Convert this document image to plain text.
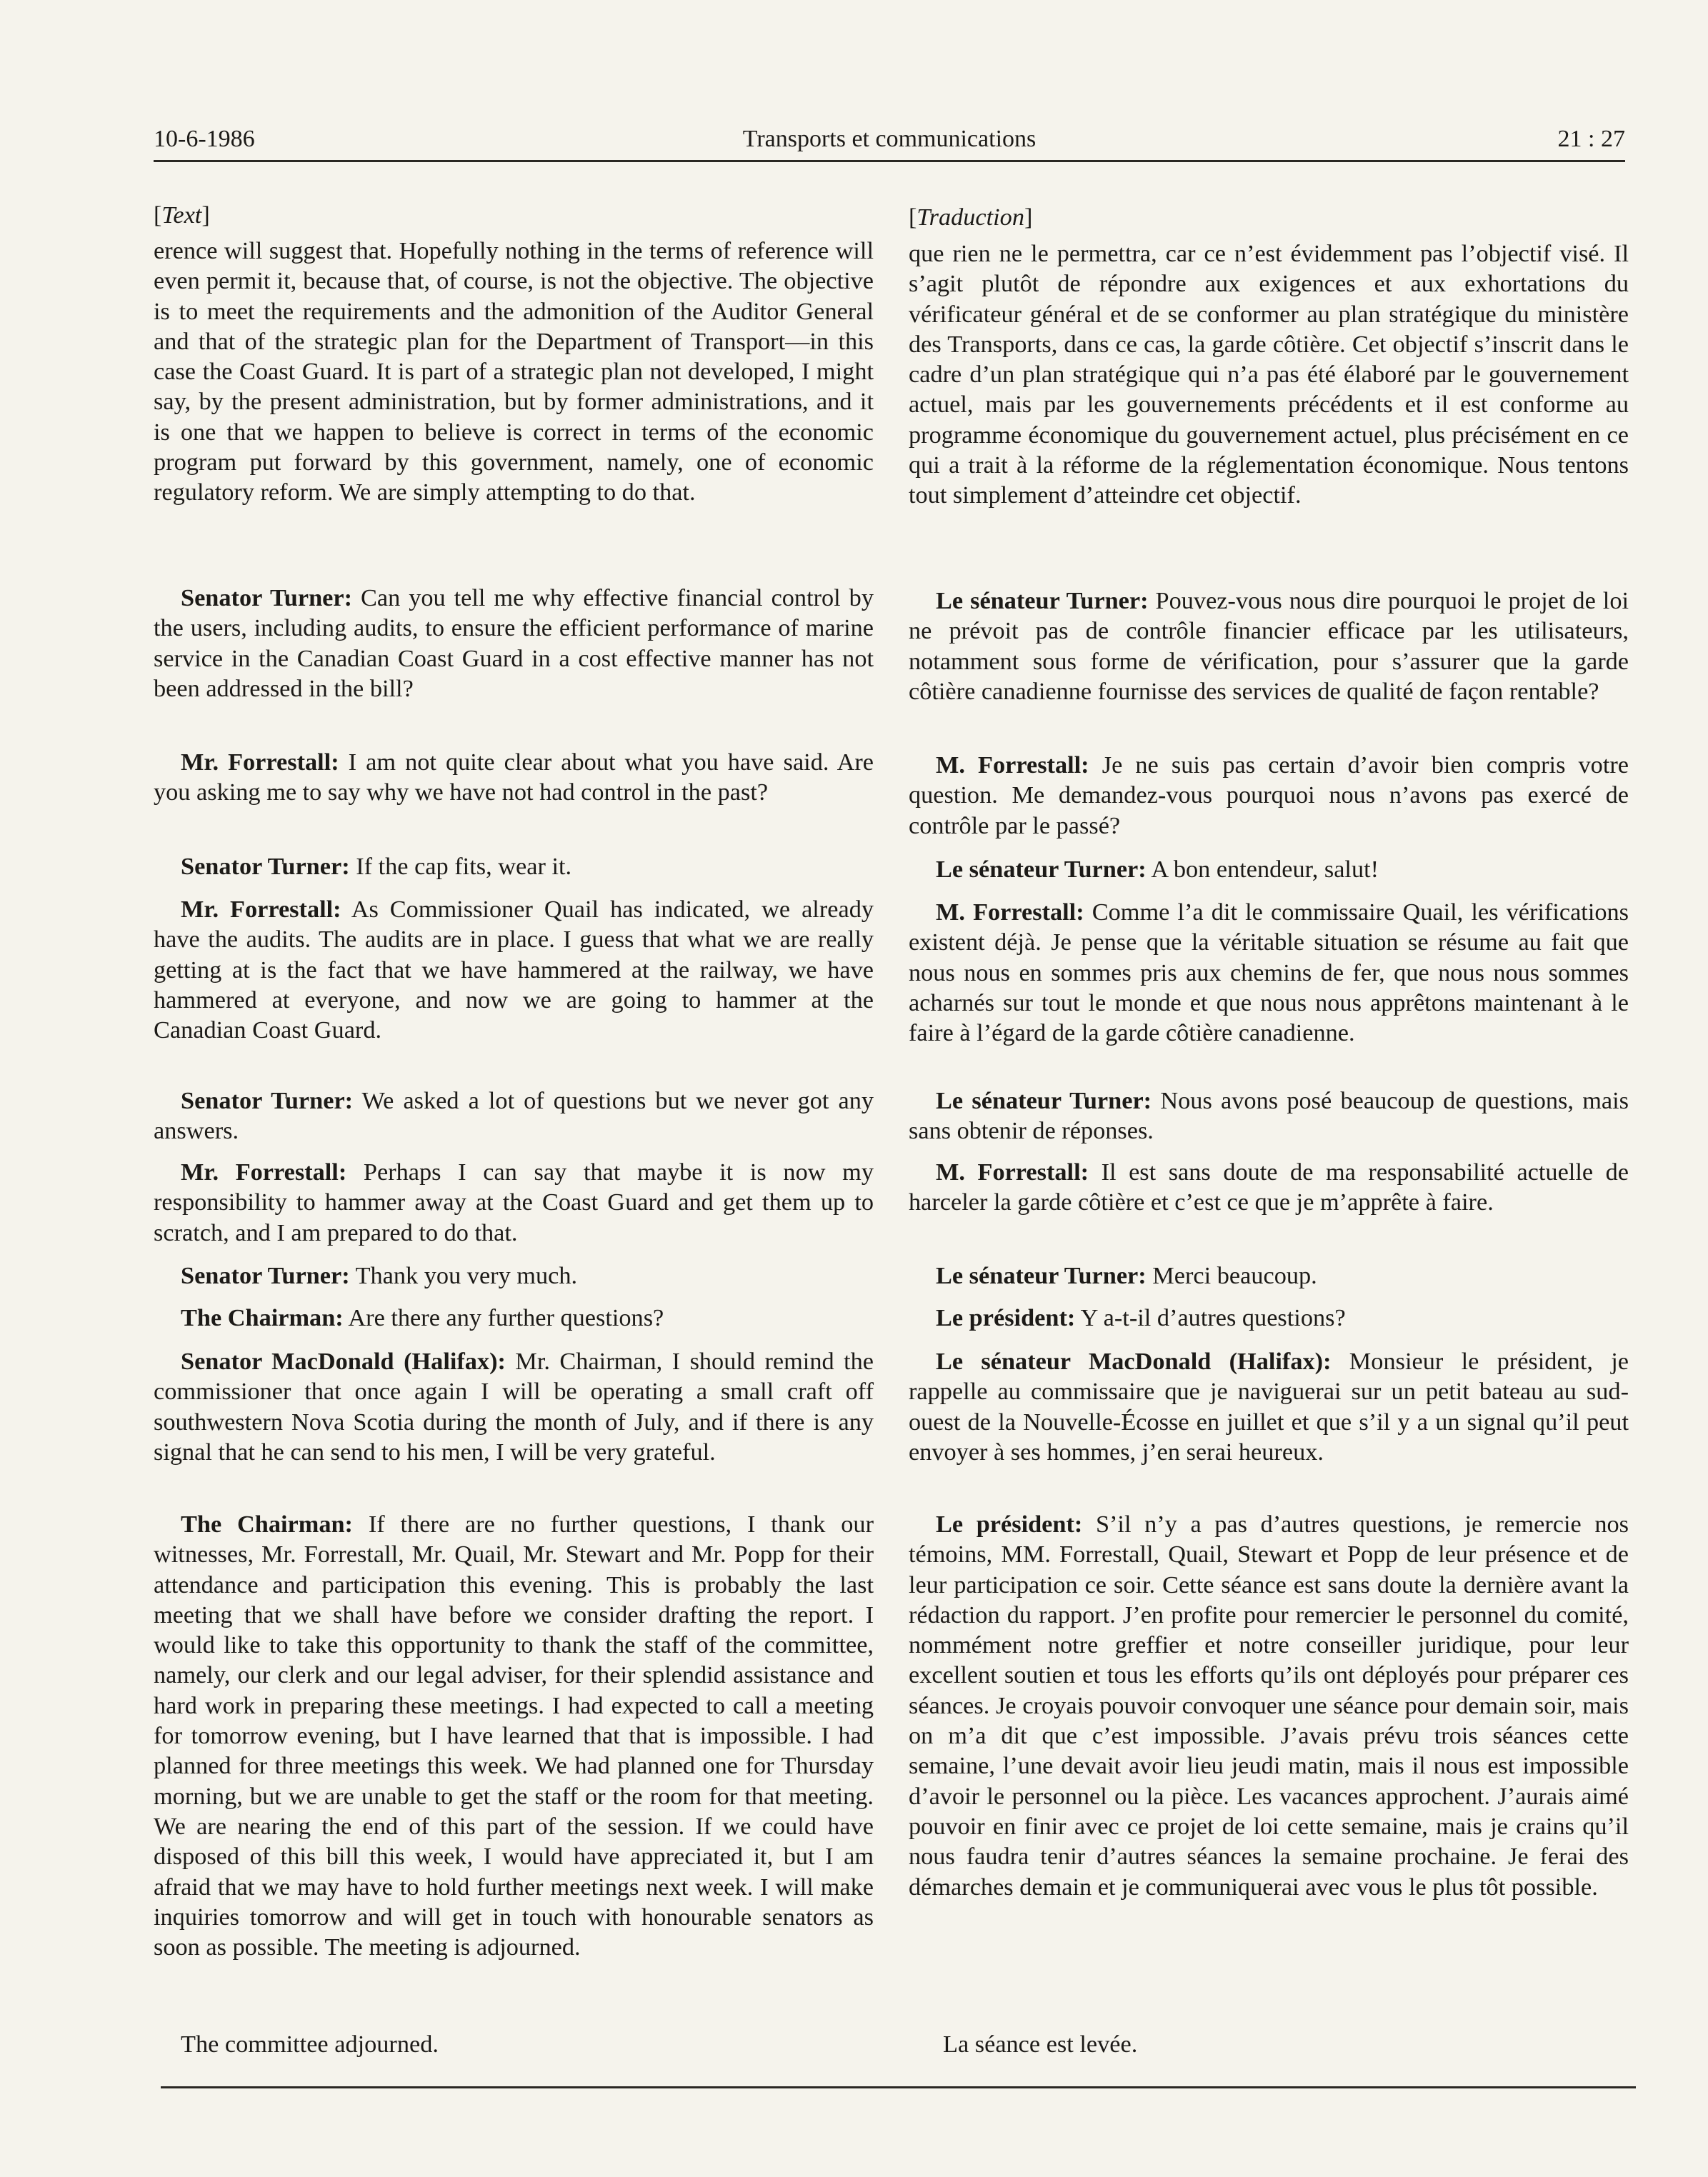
10-6-1986	Transports et communications	21 : 27

[Text]

erence will suggest that. Hopefully nothing in the terms of reference will even permit it, because that, of course, is not the objective. The objective is to meet the requirements and the admonition of the Auditor General and that of the strategic plan for the Department of Transport—in this case the Coast Guard. It is part of a strategic plan not developed, I might say, by the present administration, but by former administrations, and it is one that we happen to believe is correct in terms of the economic program put forward by this government, namely, one of economic regulatory reform. We are simply attempting to do that.

Senator Turner: Can you tell me why effective financial control by the users, including audits, to ensure the efficient performance of marine service in the Canadian Coast Guard in a cost effective manner has not been addressed in the bill?

Mr. Forrestall: I am not quite clear about what you have said. Are you asking me to say why we have not had control in the past?

Senator Turner: If the cap fits, wear it.

Mr. Forrestall: As Commissioner Quail has indicated, we already have the audits. The audits are in place. I guess that what we are really getting at is the fact that we have hammered at the railway, we have hammered at everyone, and now we are going to hammer at the Canadian Coast Guard.

Senator Turner: We asked a lot of questions but we never got any answers.

Mr. Forrestall: Perhaps I can say that maybe it is now my responsibility to hammer away at the Coast Guard and get them up to scratch, and I am prepared to do that.

Senator Turner: Thank you very much.

The Chairman: Are there any further questions?

Senator MacDonald (Halifax): Mr. Chairman, I should remind the commissioner that once again I will be operating a small craft off southwestern Nova Scotia during the month of July, and if there is any signal that he can send to his men, I will be very grateful.

The Chairman: If there are no further questions, I thank our witnesses, Mr. Forrestall, Mr. Quail, Mr. Stewart and Mr. Popp for their attendance and participation this evening. This is probably the last meeting that we shall have before we consider drafting the report. I would like to take this opportunity to thank the staff of the committee, namely, our clerk and our legal adviser, for their splendid assistance and hard work in preparing these meetings. I had expected to call a meeting for tomorrow evening, but I have learned that that is impossible. I had planned for three meetings this week. We had planned one for Thursday morning, but we are unable to get the staff or the room for that meeting. We are nearing the end of this part of the session. If we could have disposed of this bill this week, I would have appreciated it, but I am afraid that we may have to hold further meetings next week. I will make inquiries tomorrow and will get in touch with honourable senators as soon as possible. The meeting is adjourned.

The committee adjourned.

[Traduction]

que rien ne le permettra, car ce n’est évidemment pas l’objectif visé. Il s’agit plutôt de répondre aux exigences et aux exhortations du vérificateur général et de se conformer au plan stratégique du ministère des Transports, dans ce cas, la garde côtière. Cet objectif s’inscrit dans le cadre d’un plan stratégique qui n’a pas été élaboré par le gouvernement actuel, mais par les gouvernements précédents et il est conforme au programme économique du gouvernement actuel, plus précisément en ce qui a trait à la réforme de la réglementation économique. Nous tentons tout simplement d’atteindre cet objectif.

Le sénateur Turner: Pouvez-vous nous dire pourquoi le projet de loi ne prévoit pas de contrôle financier efficace par les utilisateurs, notamment sous forme de vérification, pour s’assurer que la garde côtière canadienne fournisse des services de qualité de façon rentable?

M. Forrestall: Je ne suis pas certain d’avoir bien compris votre question. Me demandez-vous pourquoi nous n’avons pas exercé de contrôle par le passé?

Le sénateur Turner: A bon entendeur, salut!

M. Forrestall: Comme l’a dit le commissaire Quail, les vérifications existent déjà. Je pense que la véritable situation se résume au fait que nous nous en sommes pris aux chemins de fer, que nous nous sommes acharnés sur tout le monde et que nous nous apprêtons maintenant à le faire à l’égard de la garde côtière canadienne.

Le sénateur Turner: Nous avons posé beaucoup de questions, mais sans obtenir de réponses.

M. Forrestall: Il est sans doute de ma responsabilité actuelle de harceler la garde côtière et c’est ce que je m’apprête à faire.

Le sénateur Turner: Merci beaucoup.

Le président: Y a-t-il d’autres questions?

Le sénateur MacDonald (Halifax): Monsieur le président, je rappelle au commissaire que je naviguerai sur un petit bateau au sud-ouest de la Nouvelle-Écosse en juillet et que s’il y a un signal qu’il peut envoyer à ses hommes, j’en serai heureux.

Le président: S’il n’y a pas d’autres questions, je remercie nos témoins, MM. Forrestall, Quail, Stewart et Popp de leur présence et de leur participation ce soir. Cette séance est sans doute la dernière avant la rédaction du rapport. J’en profite pour remercier le personnel du comité, nommément notre greffier et notre conseiller juridique, pour leur excellent soutien et tous les efforts qu’ils ont déployés pour préparer ces séances. Je croyais pouvoir convoquer une séance pour demain soir, mais on m’a dit que c’est impossible. J’avais prévu trois séances cette semaine, l’une devait avoir lieu jeudi matin, mais il nous est impossible d’avoir le personnel ou la pièce. Les vacances approchent. J’aurais aimé pouvoir en finir avec ce projet de loi cette semaine, mais je crains qu’il nous faudra tenir d’autres séances la semaine prochaine. Je ferai des démarches demain et je communiquerai avec vous le plus tôt possible.

La séance est levée.
